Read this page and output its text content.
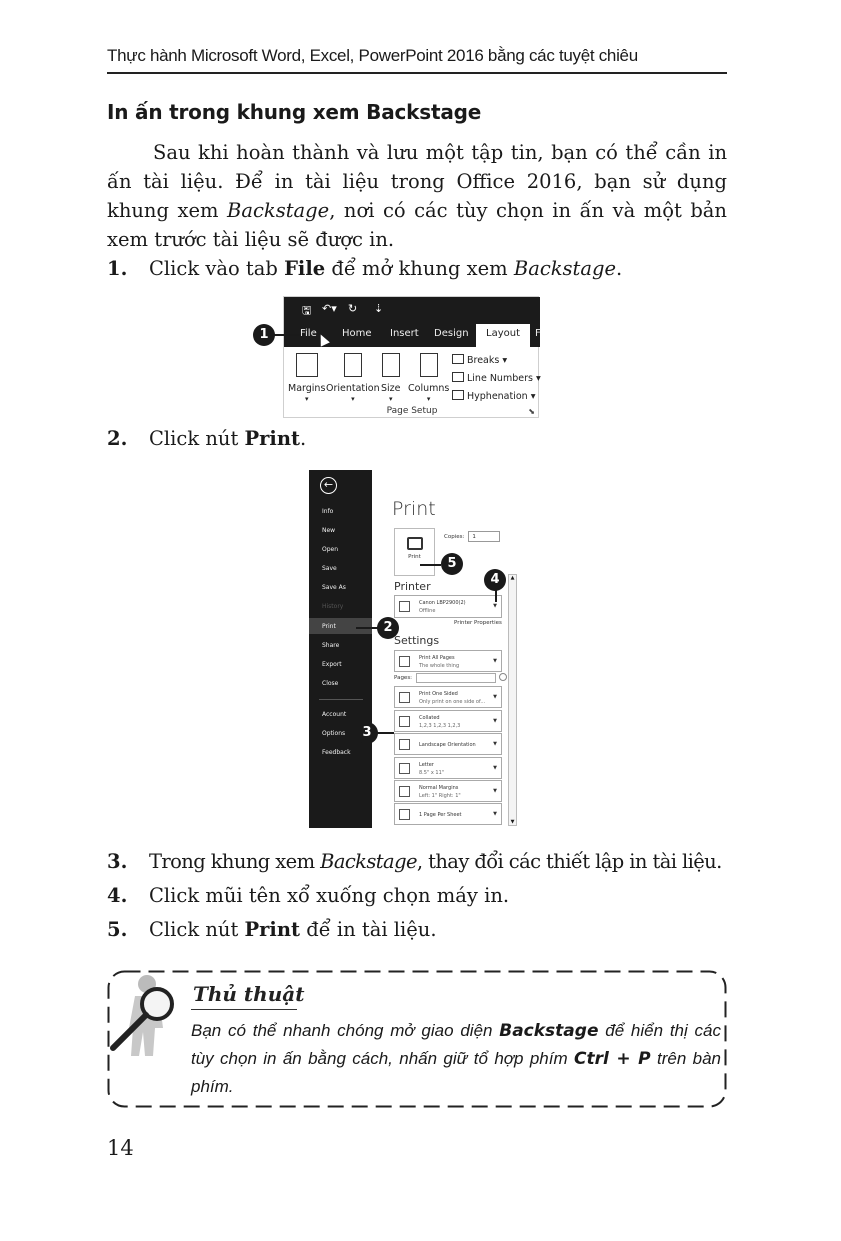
Thực hành Microsoft Word, Excel, PowerPoint 2016 bằng các tuyệt chiêu
In ấn trong khung xem Backstage

Sau khi hoàn thành và lưu một tập tin, bạn có thể cần in ấn tài liệu. Để in tài liệu trong Office 2016, bạn sử dụng khung xem Backstage, nơi có các tùy chọn in ấn và một bản xem trước tài liệu sẽ được in.

1. Click vào tab File để mở khung xem Backstage.
🖫 ↶▾ ↻ ⇣
File	Home Insert Design	Layout	F
Margins
▾
Orientation
▾
Size
▾
Columns
▾
Breaks ▾
Line Numbers ▾
Hyphenation ▾
Page Setup	⬊
1
2. Click nút Print.
←
Info
New
Open
Save
Save As
History
Print
Share
Export
Close
Account
Options
Feedback
Print
Print
Copies: 1
Printer
Canon LBP2900(2)
Offline
▼
Printer Properties
Settings
Print All Pages
The whole thing
▼
Pages:
Print One Sided
Only print on one side of...
▼
Collated
1,2,3 1,2,3 1,2,3
▼
Landscape Orientation	▼
Letter
8.5" x 11"
▼
Normal Margins
Left: 1" Right: 1"
▼
1 Page Per Sheet	▼
▲
▼
2
3
4
5
3. Trong khung xem Backstage, thay đổi các thiết lập in tài liệu.
4. Click mũi tên xổ xuống chọn máy in.
5. Click nút Print để in tài liệu.
Thủ thuật

Bạn có thể nhanh chóng mở giao diện Backstage để hiển thị các tùy chọn in ấn bằng cách, nhấn giữ tổ hợp phím Ctrl + P trên bàn phím.

14
